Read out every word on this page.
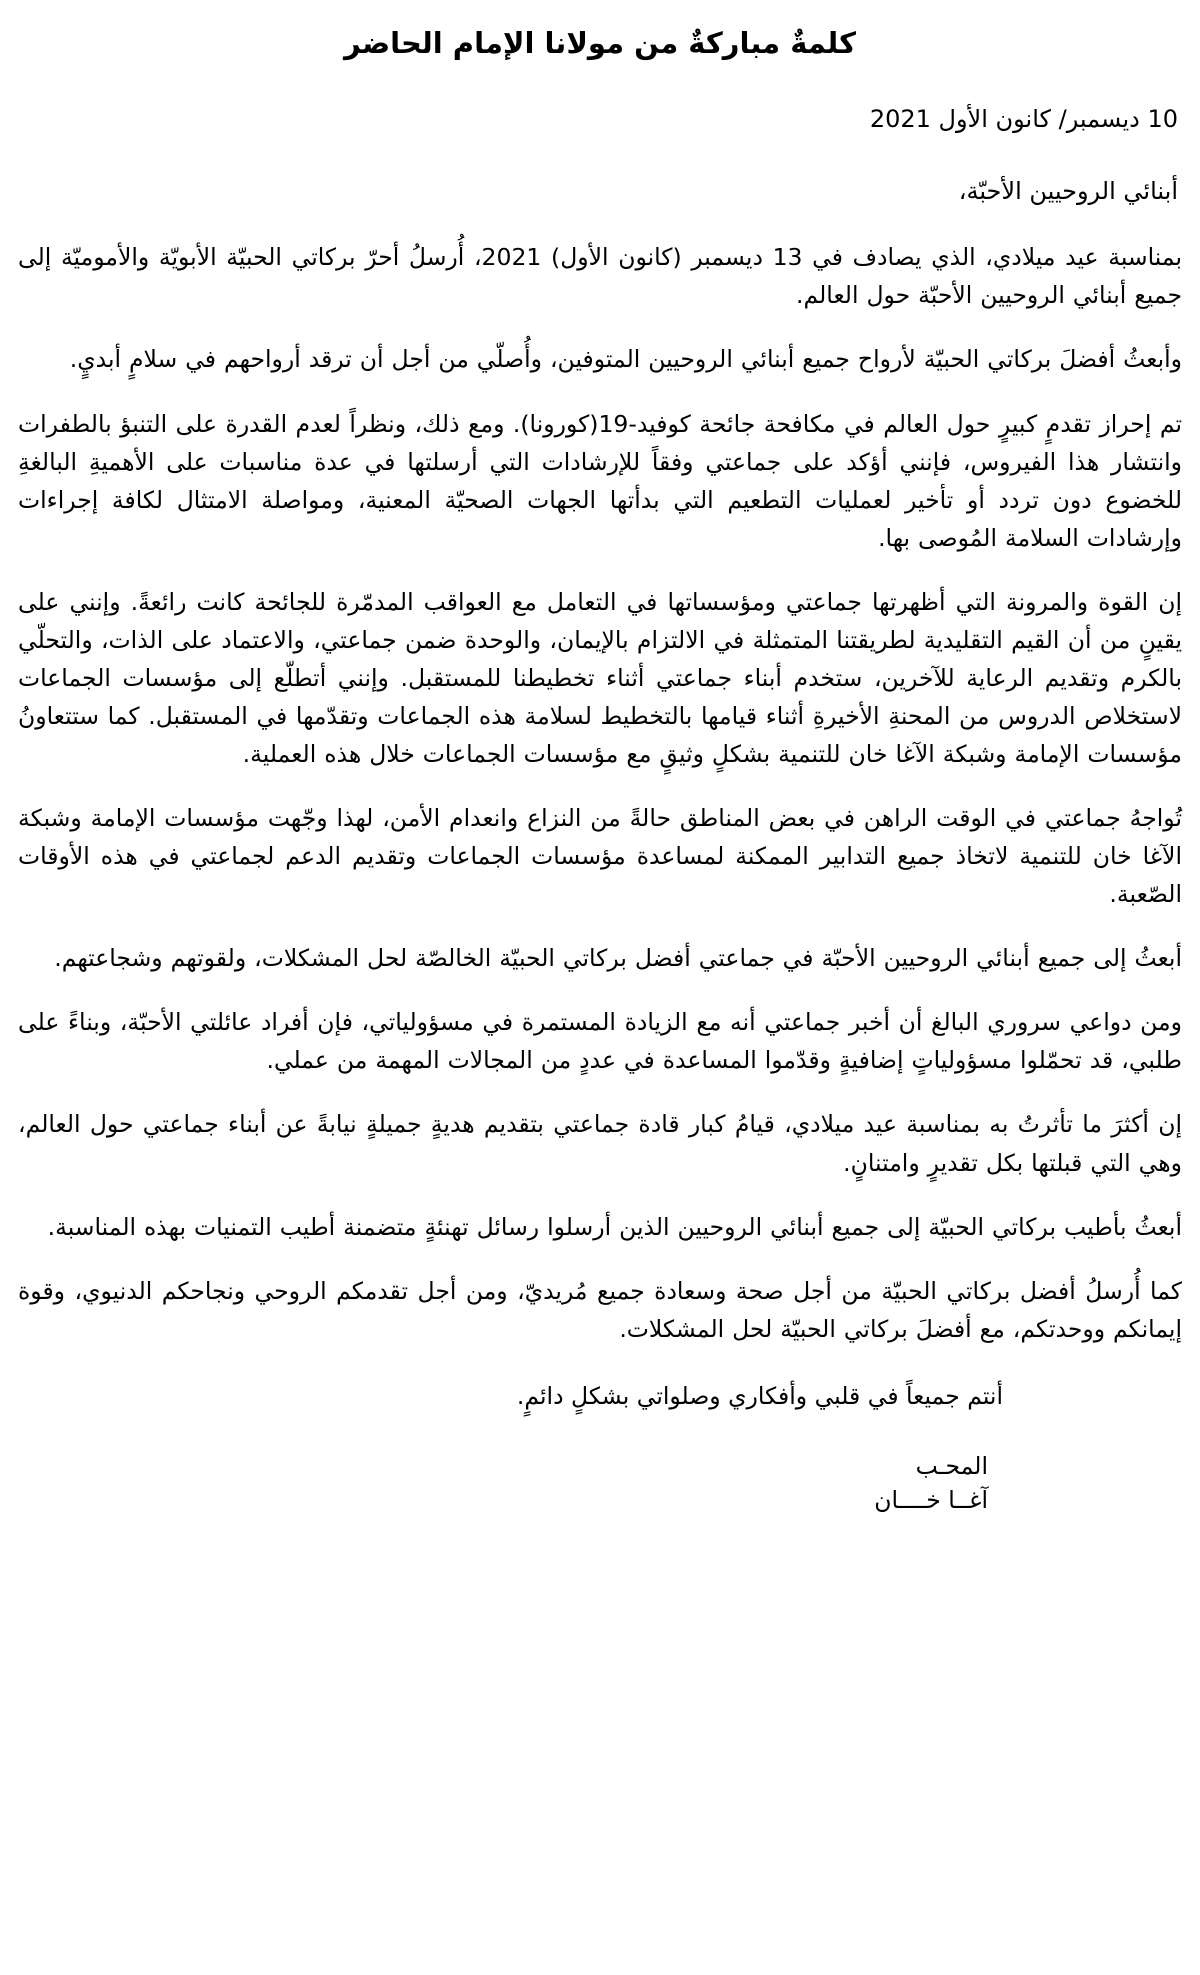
كلمةٌ مباركةٌ من مولانا الإمام الحاضر
10 ديسمبر/ كانون الأول 2021
أبنائي الروحيين الأحبّة،

بمناسبة عيد ميلادي، الذي يصادف في 13 ديسمبر (كانون الأول) 2021، أُرسلُ أحرّ بركاتي الحبيّة الأبويّة والأموميّة إلى جميع أبنائي الروحيين الأحبّة حول العالم.

وأبعثُ أفضلَ بركاتي الحبيّة لأرواح جميع أبنائي الروحيين المتوفين، وأُصلّي من أجل أن ترقد أرواحهم في سلامٍ أبديٍ.

تم إحراز تقدمٍ كبيرٍ حول العالم في مكافحة جائحة كوفيد-19(كورونا). ومع ذلك، ونظراً لعدم القدرة على التنبؤ بالطفرات وانتشار هذا الفيروس، فإنني أؤكد على جماعتي وفقاً للإرشادات التي أرسلتها في عدة مناسبات على الأهميةِ البالغةِ للخضوع دون تردد أو تأخير لعمليات التطعيم التي بدأتها الجهات الصحيّة المعنية، ومواصلة الامتثال لكافة إجراءات وإرشادات السلامة المُوصى بها.

إن القوة والمرونة التي أظهرتها جماعتي ومؤسساتها في التعامل مع العواقب المدمّرة للجائحة كانت رائعةً. وإنني على يقينٍ من أن القيم التقليدية لطريقتنا المتمثلة في الالتزام بالإيمان، والوحدة ضمن جماعتي، والاعتماد على الذات، والتحلّي بالكرم وتقديم الرعاية للآخرين، ستخدم أبناء جماعتي أثناء تخطيطنا للمستقبل. وإنني أتطلّع إلى مؤسسات الجماعات لاستخلاص الدروس من المحنةِ الأخيرةِ أثناء قيامها بالتخطيط لسلامة هذه الجماعات وتقدّمها في المستقبل. كما ستتعاونُ مؤسسات الإمامة وشبكة الآغا خان للتنمية بشكلٍ وثيقٍ مع مؤسسات الجماعات خلال هذه العملية.

تُواجهُ جماعتي في الوقت الراهن في بعض المناطق حالةً من النزاع وانعدام الأمن، لهذا وجّهت مؤسسات الإمامة وشبكة الآغا خان للتنمية لاتخاذ جميع التدابير الممكنة لمساعدة مؤسسات الجماعات وتقديم الدعم لجماعتي في هذه الأوقات الصّعبة.

أبعثُ إلى جميع أبنائي الروحيين الأحبّة في جماعتي أفضل بركاتي الحبيّة الخالصّة لحل المشكلات، ولقوتهم وشجاعتهم.

ومن دواعي سروري البالغ أن أخبر جماعتي أنه مع الزيادة المستمرة في مسؤولياتي، فإن أفراد عائلتي الأحبّة، وبناءً على طلبي، قد تحمّلوا مسؤولياتٍ إضافيةٍ وقدّموا المساعدة في عددٍ من المجالات المهمة من عملي.

إن أكثرَ ما تأثرتُ به بمناسبة عيد ميلادي، قيامُ كبار قادة جماعتي بتقديم هديةٍ جميلةٍ نيابةً عن أبناء جماعتي حول العالم، وهي التي قبلتها بكل تقديرٍ وامتنانٍ.

أبعثُ بأطيب بركاتي الحبيّة إلى جميع أبنائي الروحيين الذين أرسلوا رسائل تهنئةٍ متضمنة أطيب التمنيات بهذه المناسبة.

كما أُرسلُ أفضل بركاتي الحبيّة من أجل صحة وسعادة جميع مُريديّ، ومن أجل تقدمكم الروحي ونجاحكم الدنيوي، وقوة إيمانكم ووحدتكم، مع أفضلَ بركاتي الحبيّة لحل المشكلات.

أنتم جميعاً في قلبي وأفكاري وصلواتي بشكلٍ دائمٍ.
المحـب
آغــا خــــان
